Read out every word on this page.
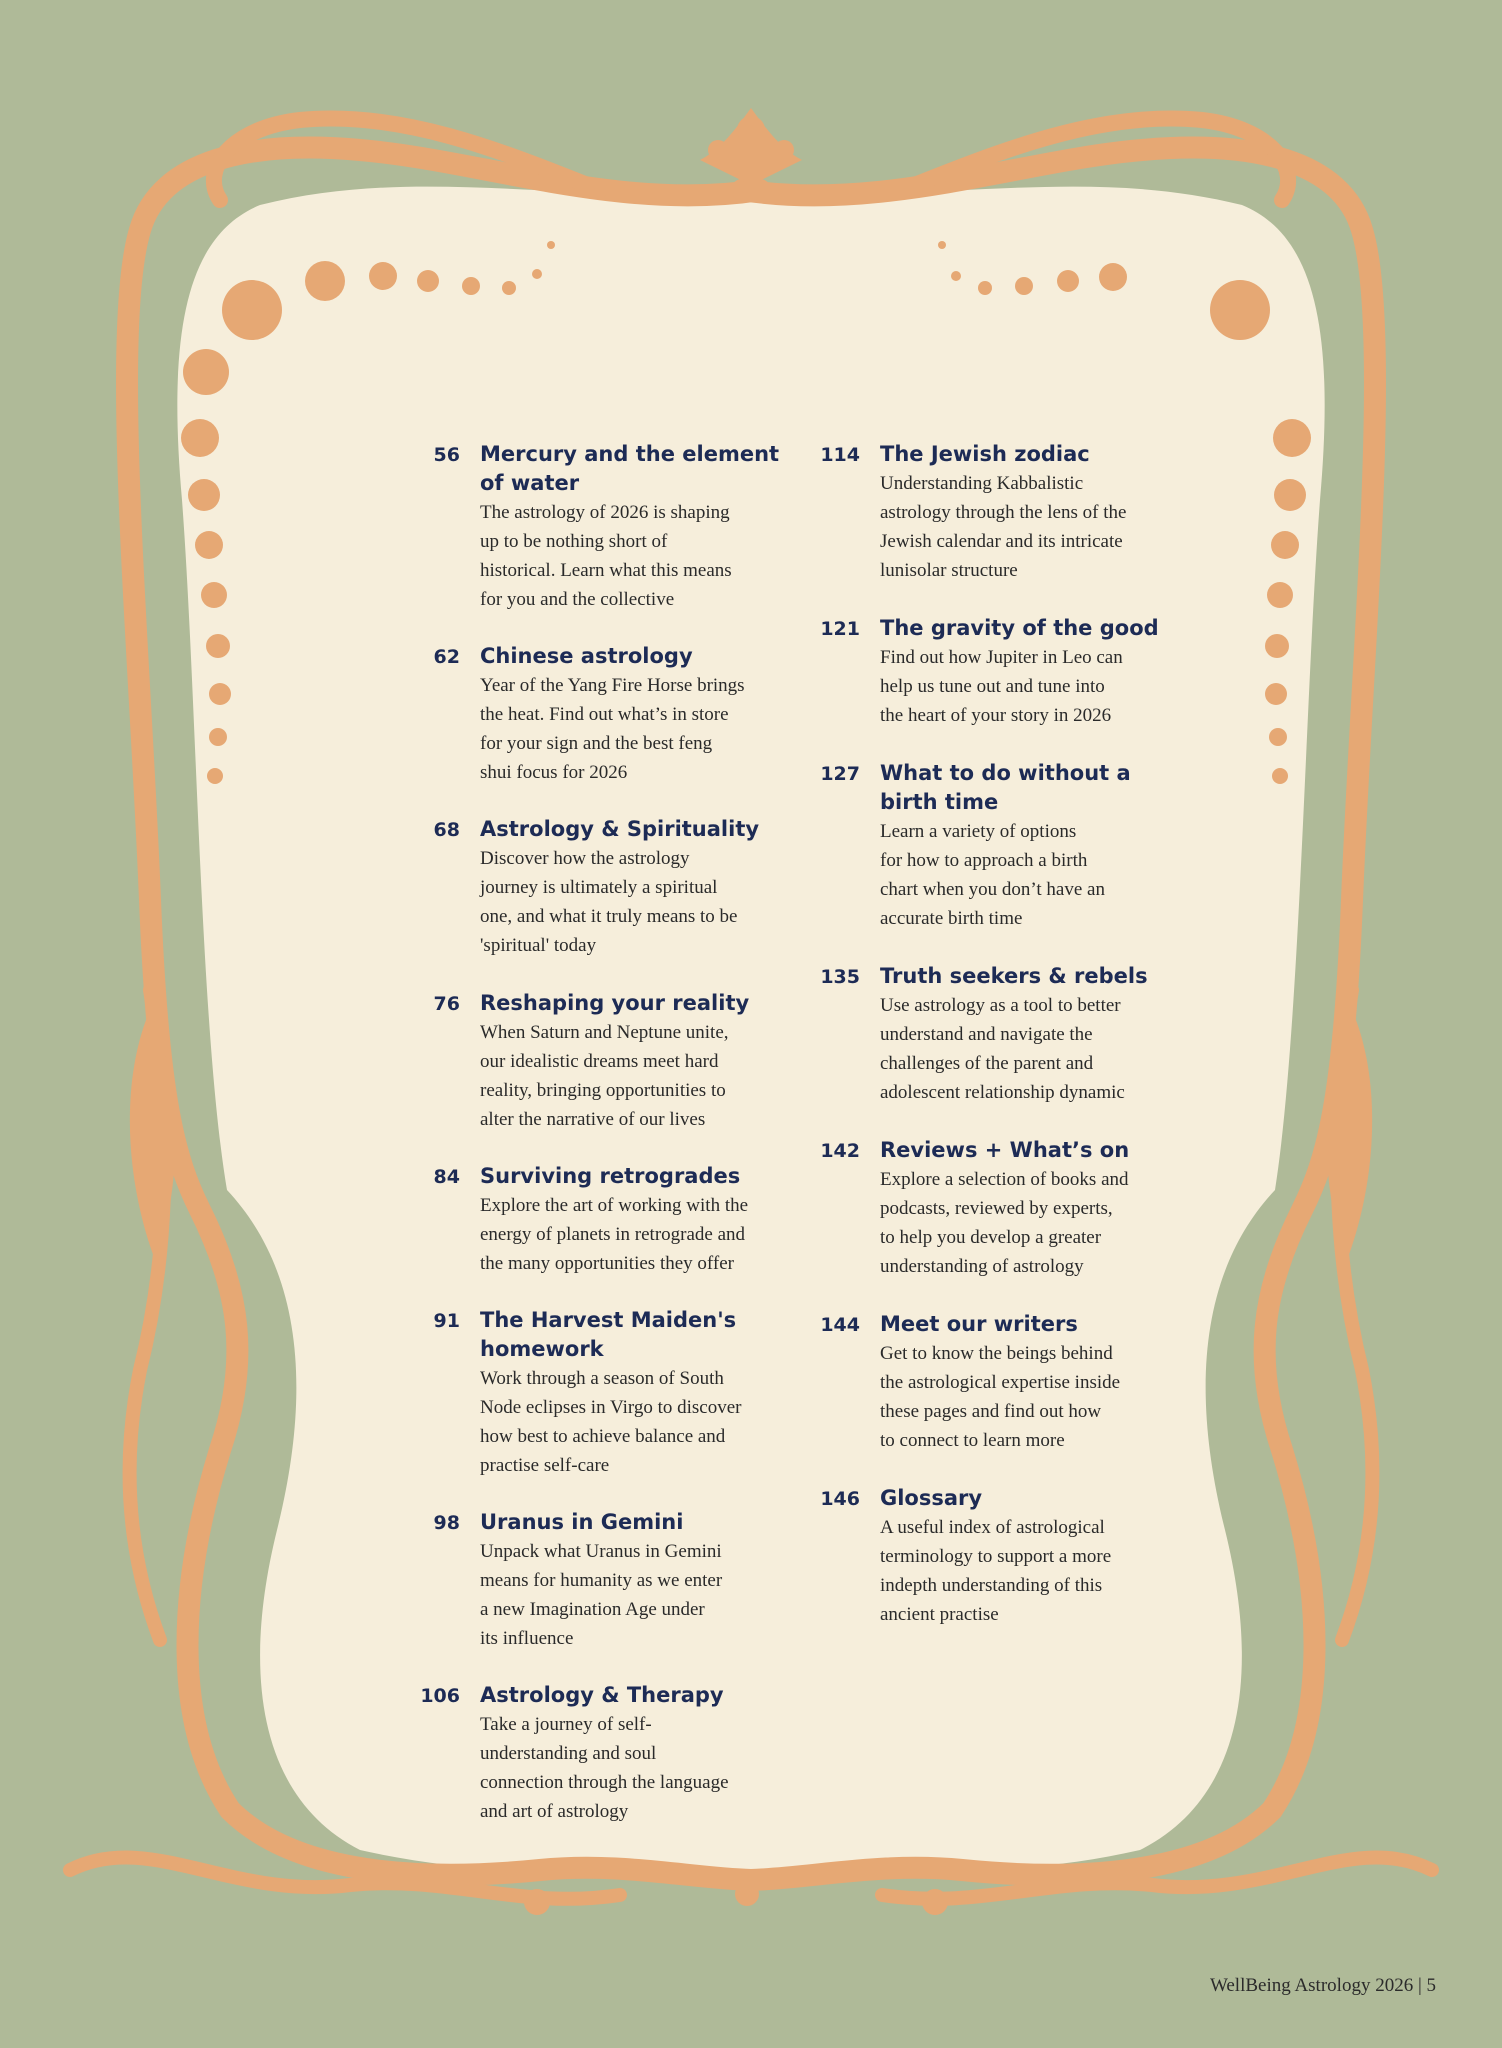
56 Mercury and the element
of water
The astrology of 2026 is shaping
up to be nothing short of
historical. Learn what this means
for you and the collective
62 Chinese astrology
Year of the Yang Fire Horse brings
the heat. Find out what’s in store
for your sign and the best feng
shui focus for 2026
68 Astrology & Spirituality
Discover how the astrology
journey is ultimately a spiritual
one, and what it truly means to be
'spiritual' today
76 Reshaping your reality
When Saturn and Neptune unite,
our idealistic dreams meet hard
reality, bringing opportunities to
alter the narrative of our lives
84 Surviving retrogrades
Explore the art of working with the
energy of planets in retrograde and
the many opportunities they offer
91 The Harvest Maiden's
homework
Work through a season of South
Node eclipses in Virgo to discover
how best to achieve balance and
practise self-care
98 Uranus in Gemini
Unpack what Uranus in Gemini
means for humanity as we enter
a new Imagination Age under
its influence
106 Astrology & Therapy
Take a journey of self-
understanding and soul
connection through the language
and art of astrology
114 The Jewish zodiac
Understanding Kabbalistic
astrology through the lens of the
Jewish calendar and its intricate
lunisolar structure
121 The gravity of the good
Find out how Jupiter in Leo can
help us tune out and tune into
the heart of your story in 2026
127 What to do without a
birth time
Learn a variety of options
for how to approach a birth
chart when you don’t have an
accurate birth time
135 Truth seekers & rebels
Use astrology as a tool to better
understand and navigate the
challenges of the parent and
adolescent relationship dynamic
142 Reviews + What’s on
Explore a selection of books and
podcasts, reviewed by experts,
to help you develop a greater
understanding of astrology
144 Meet our writers
Get to know the beings behind
the astrological expertise inside
these pages and find out how
to connect to learn more
146 Glossary
A useful index of astrological
terminology to support a more
indepth understanding of this
ancient practise
WellBeing Astrology 2026 | 5
